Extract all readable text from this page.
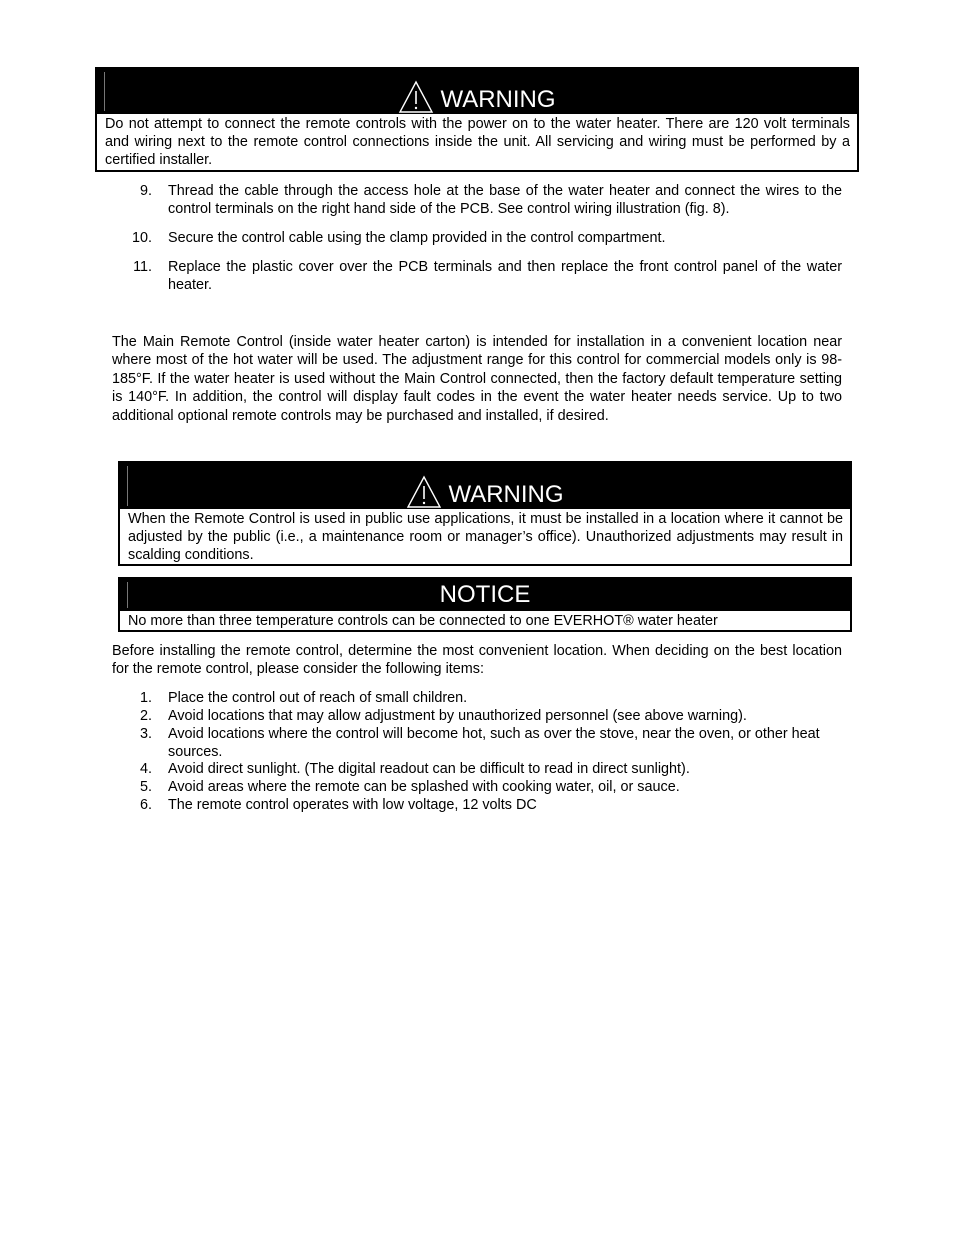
WARNING
Do not attempt to connect the remote controls with the power on to the water heater. There are 120 volt terminals and wiring next to the remote control connections inside the unit. All servicing and wiring must be performed by a certified installer.
9. Thread the cable through the access hole at the base of the water heater and connect the wires to the control terminals on the right hand side of the PCB. See control wiring illustration (fig. 8).
10. Secure the control cable using the clamp provided in the control compartment.
11. Replace the plastic cover over the PCB terminals and then replace the front control panel of the water heater.
The Main Remote Control (inside water heater carton) is intended for installation in a convenient location near where most of the hot water will be used. The adjustment range for this control for commercial models only is 98-185°F. If the water heater is used without the Main Control connected, then the factory default temperature setting is 140°F. In addition, the control will display fault codes in the event the water heater needs service. Up to two additional optional remote controls may be purchased and installed, if desired.
WARNING
When the Remote Control is used in public use applications, it must be installed in a location where it cannot be adjusted by the public (i.e., a maintenance room or manager’s office). Unauthorized adjustments may result in scalding conditions.
NOTICE
No more than three temperature controls can be connected to one EVERHOT® water heater
Before installing the remote control, determine the most convenient location. When deciding on the best location for the remote control, please consider the following items:
1. Place the control out of reach of small children.
2. Avoid locations that may allow adjustment by unauthorized personnel (see above warning).
3. Avoid locations where the control will become hot, such as over the stove, near the oven, or other heat sources.
4. Avoid direct sunlight. (The digital readout can be difficult to read in direct sunlight).
5. Avoid areas where the remote can be splashed with cooking water, oil, or sauce.
6. The remote control operates with low voltage, 12 volts DC
